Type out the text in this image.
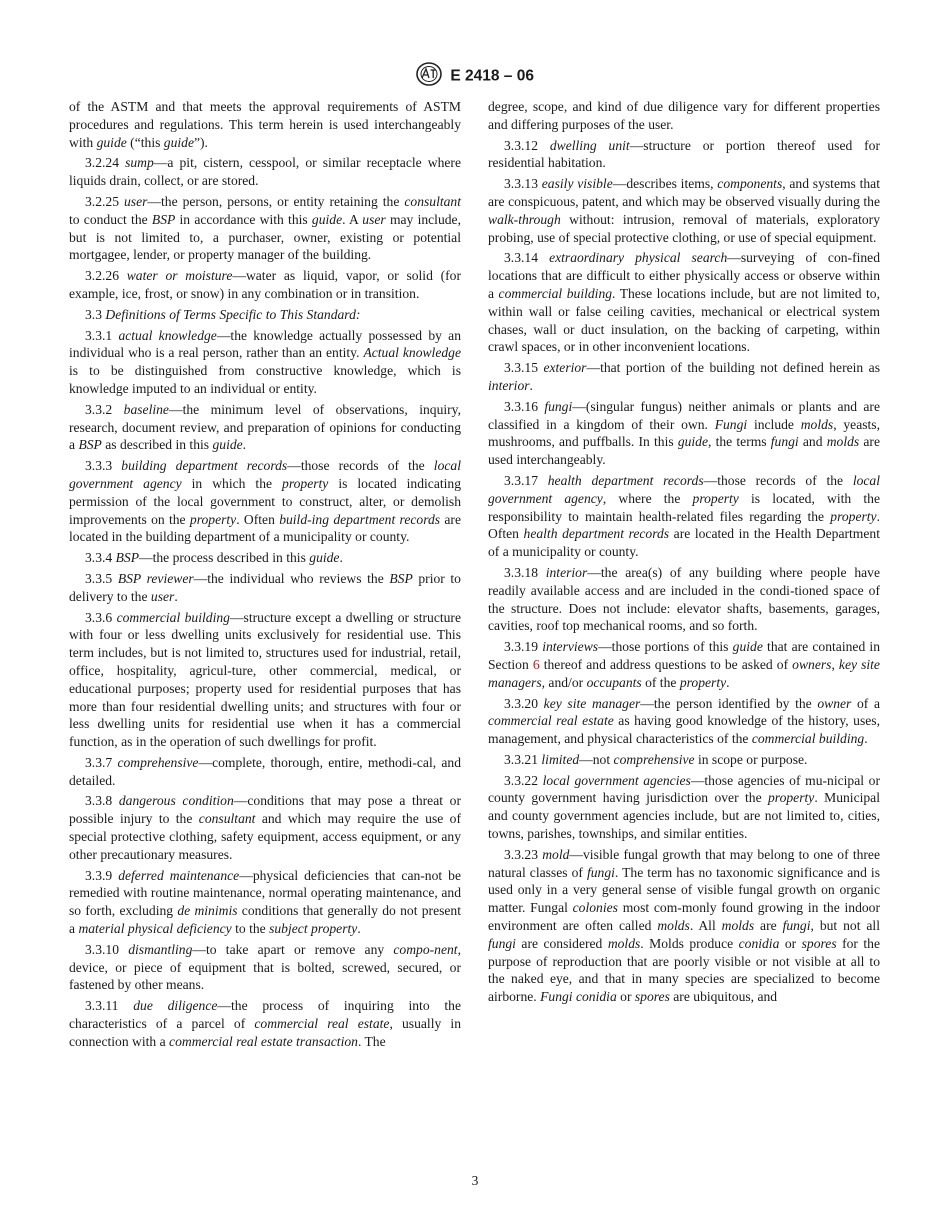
E 2418 – 06

of the ASTM and that meets the approval requirements of ASTM procedures and regulations. This term herein is used interchangeably with guide (“this guide”).

3.2.24 sump—a pit, cistern, cesspool, or similar receptacle where liquids drain, collect, or are stored.

3.2.25 user—the person, persons, or entity retaining the consultant to conduct the BSP in accordance with this guide. A user may include, but is not limited to, a purchaser, owner, existing or potential mortgagee, lender, or property manager of the building.

3.2.26 water or moisture—water as liquid, vapor, or solid (for example, ice, frost, or snow) in any combination or in transition.

3.3 Definitions of Terms Specific to This Standard:

3.3.1 actual knowledge—the knowledge actually possessed by an individual who is a real person, rather than an entity. Actual knowledge is to be distinguished from constructive knowledge, which is knowledge imputed to an individual or entity.

3.3.2 baseline—the minimum level of observations, inquiry, research, document review, and preparation of opinions for conducting a BSP as described in this guide.

3.3.3 building department records—those records of the local government agency in which the property is located indicating permission of the local government to construct, alter, or demolish improvements on the property. Often build-ing department records are located in the building department of a municipality or county.

3.3.4 BSP—the process described in this guide.

3.3.5 BSP reviewer—the individual who reviews the BSP prior to delivery to the user.

3.3.6 commercial building—structure except a dwelling or structure with four or less dwelling units exclusively for residential use. This term includes, but is not limited to, structures used for industrial, retail, office, hospitality, agricul-ture, other commercial, medical, or educational purposes; property used for residential purposes that has more than four residential dwelling units; and structures with four or less dwelling units for residential use when it has a commercial function, as in the operation of such dwellings for profit.

3.3.7 comprehensive—complete, thorough, entire, methodi-cal, and detailed.

3.3.8 dangerous condition—conditions that may pose a threat or possible injury to the consultant and which may require the use of special protective clothing, safety equipment, access equipment, or any other precautionary measures.

3.3.9 deferred maintenance—physical deficiencies that can-not be remedied with routine maintenance, normal operating maintenance, and so forth, excluding de minimis conditions that generally do not present a material physical deficiency to the subject property.

3.3.10 dismantling—to take apart or remove any compo-nent, device, or piece of equipment that is bolted, screwed, secured, or fastened by other means.

3.3.11 due diligence—the process of inquiring into the characteristics of a parcel of commercial real estate, usually in connection with a commercial real estate transaction. The

degree, scope, and kind of due diligence vary for different properties and differing purposes of the user.

3.3.12 dwelling unit—structure or portion thereof used for residential habitation.

3.3.13 easily visible—describes items, components, and systems that are conspicuous, patent, and which may be observed visually during the walk-through without: intrusion, removal of materials, exploratory probing, use of special protective clothing, or use of special equipment.

3.3.14 extraordinary physical search—surveying of con-fined locations that are difficult to either physically access or observe within a commercial building. These locations include, but are not limited to, within wall or false ceiling cavities, mechanical or electrical system chases, wall or duct insulation, on the backing of carpeting, within crawl spaces, or in other inconvenient locations.

3.3.15 exterior—that portion of the building not defined herein as interior.

3.3.16 fungi—(singular fungus) neither animals or plants and are classified in a kingdom of their own. Fungi include molds, yeasts, mushrooms, and puffballs. In this guide, the terms fungi and molds are used interchangeably.

3.3.17 health department records—those records of the local government agency, where the property is located, with the responsibility to maintain health-related files regarding the property. Often health department records are located in the Health Department of a municipality or county.

3.3.18 interior—the area(s) of any building where people have readily available access and are included in the condi-tioned space of the structure. Does not include: elevator shafts, basements, garages, cavities, roof top mechanical rooms, and so forth.

3.3.19 interviews—those portions of this guide that are contained in Section 6 thereof and address questions to be asked of owners, key site managers, and/or occupants of the property.

3.3.20 key site manager—the person identified by the owner of a commercial real estate as having good knowledge of the history, uses, management, and physical characteristics of the commercial building.

3.3.21 limited—not comprehensive in scope or purpose.

3.3.22 local government agencies—those agencies of mu-nicipal or county government having jurisdiction over the property. Municipal and county government agencies include, but are not limited to, cities, towns, parishes, townships, and similar entities.

3.3.23 mold—visible fungal growth that may belong to one of three natural classes of fungi. The term has no taxonomic significance and is used only in a very general sense of visible fungal growth on organic matter. Fungal colonies most com-monly found growing in the indoor environment are often called molds. All molds are fungi, but not all fungi are considered molds. Molds produce conidia or spores for the purpose of reproduction that are poorly visible or not visible at all to the naked eye, and that in many species are specialized to become airborne. Fungi conidia or spores are ubiquitous, and

3
